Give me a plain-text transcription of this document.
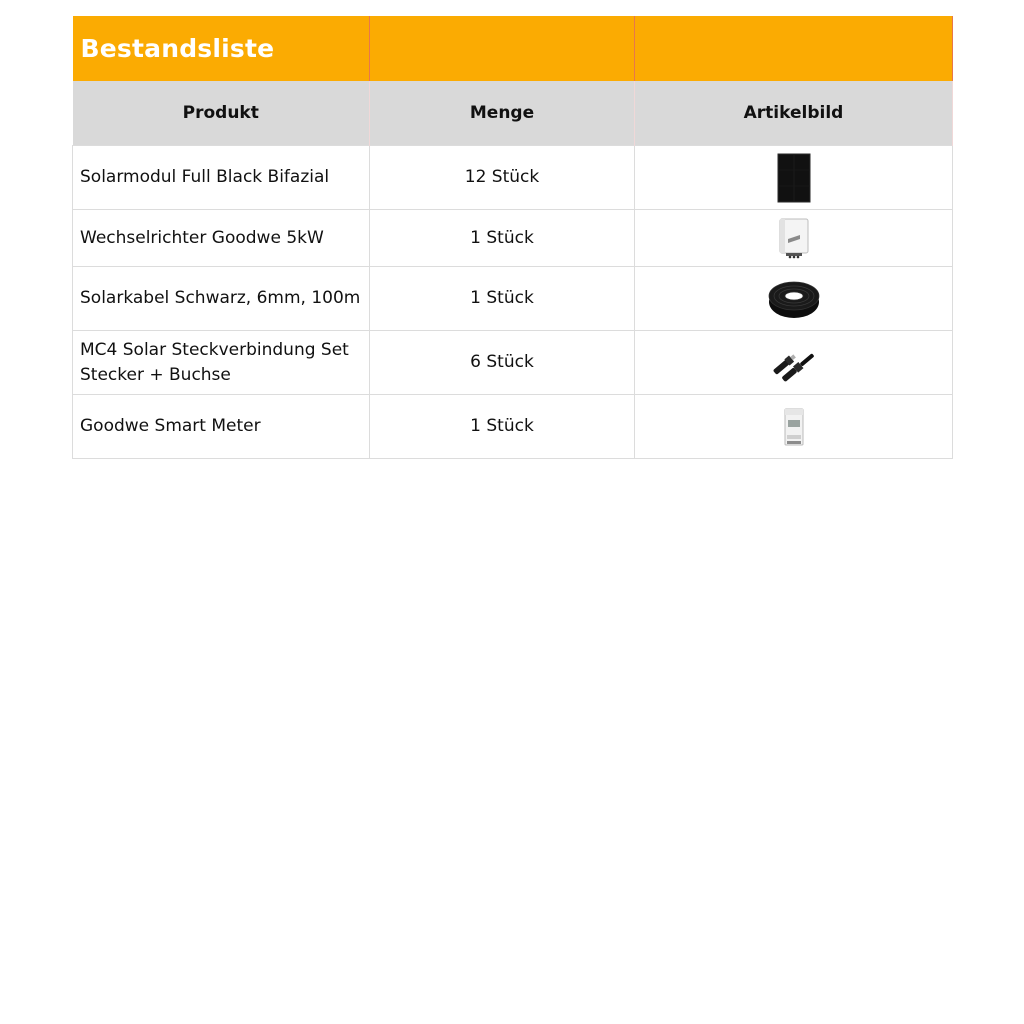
Bestandsliste		
Produkt	Menge	Artikelbild
Solarmodul Full Black Bifazial	12 Stück	

Wechselrichter Goodwe 5kW	1 Stück	

Solarkabel Schwarz, 6mm, 100m	1 Stück	

MC4 Solar Steckverbindung Set Stecker + Buchse	6 Stück	

Goodwe Smart Meter	1 Stück	
